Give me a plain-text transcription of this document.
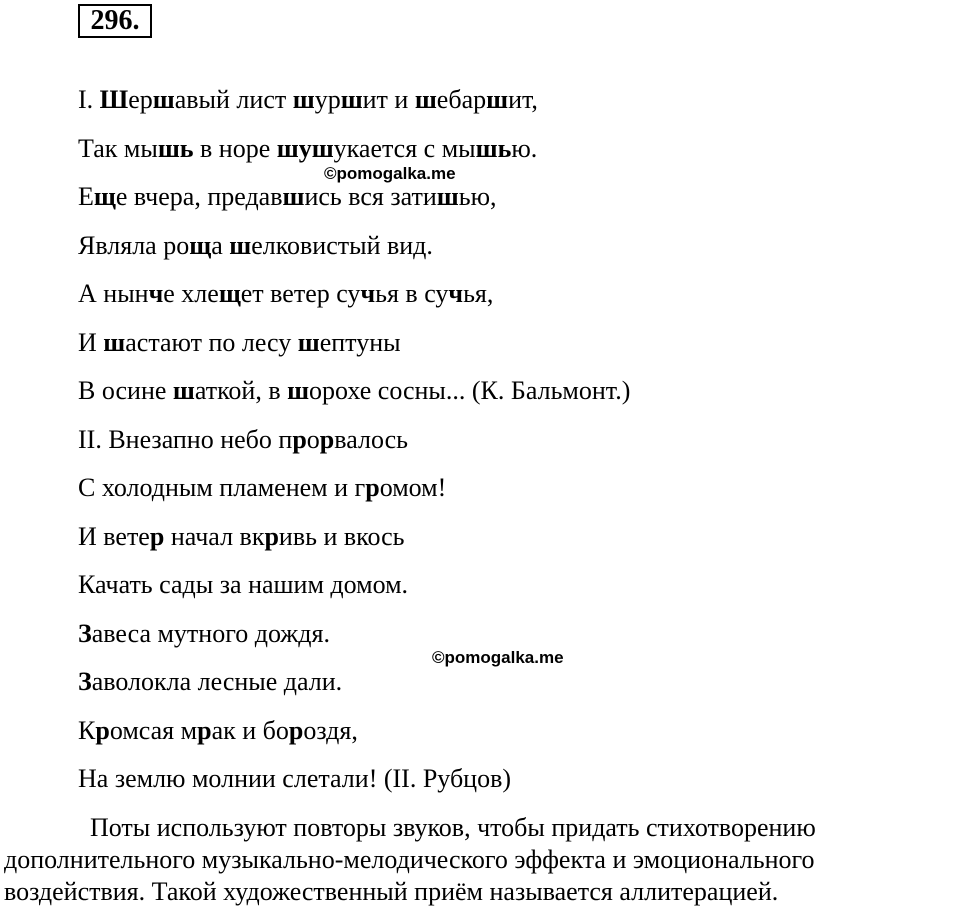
296.
I. Шершавый лист шуршит и шебаршит,
Так мышь в норе шушукается с мышью.
Еще вчера, предавшись вся затишью,
Являла роща шелковистый вид.
А нынче хлещет ветер сучья в сучья,
И шастают по лесу шептуны
В осине шаткой, в шорохе сосны... (К. Бальмонт.)
II. Внезапно небо прорвалось
С холодным пламенем и громом!
И ветер начал вкривь и вкось
Качать сады за нашим домом.
Завеса мутного дождя.
Заволокла лесные дали.
Кромсая мрак и бороздя,
На землю молнии слетали! (II. Рубцов)
©pomogalka.me
©pomogalka.me
Поты используют повторы звуков, чтобы придать стихотворению
дополнительного музыкально-мелодического эффекта и эмоционального
воздействия. Такой художественный приём называется аллитерацией.
